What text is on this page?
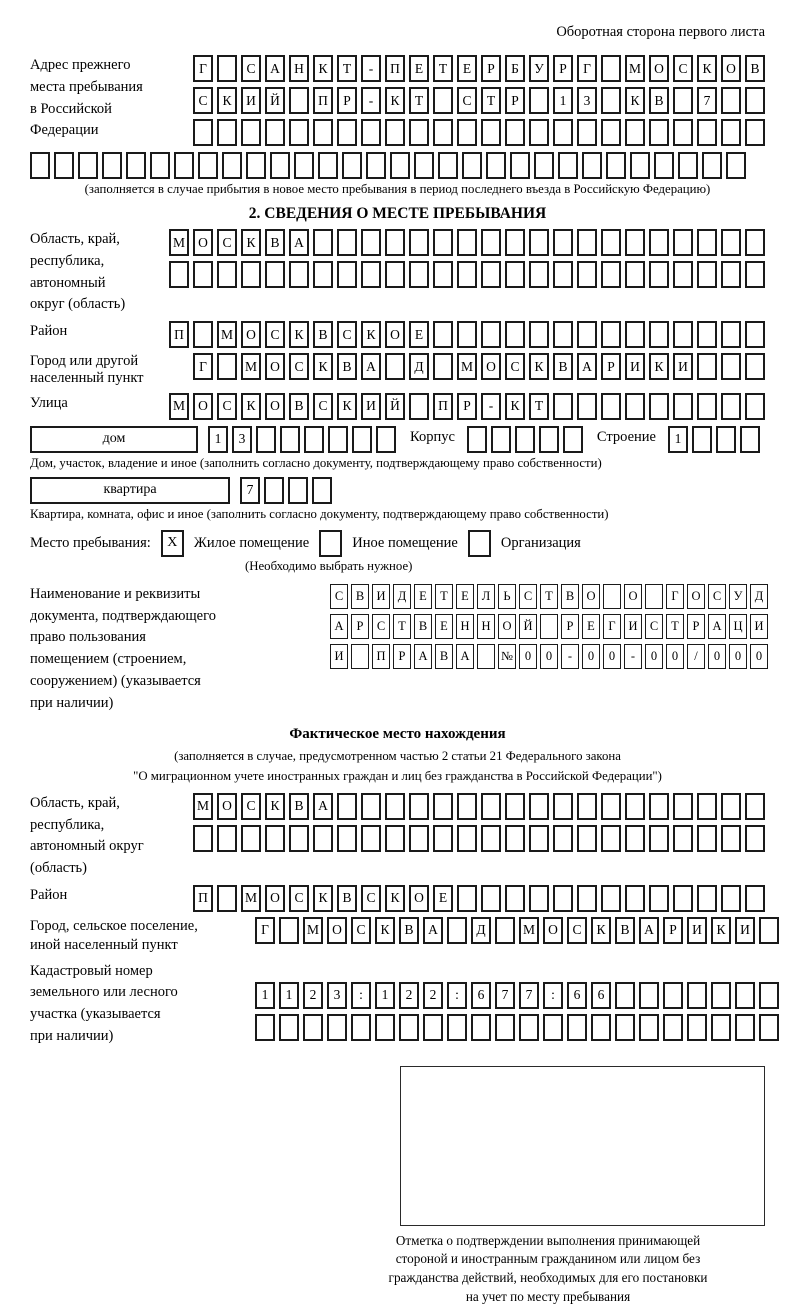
Оборотная сторона первого листа
Адрес прежнего
места пребывания
в Российской
Федерации
Г	С	А	Н	К	Т	-	П	Е	Т	Е	Р	Б	У	Р	Г	М О	С	К	О	В
С	К	И	Й	П	Р	-	К	Т	С	Т	Р	1	3	К	В	7
(заполняется в случае прибытия в новое место пребывания в период последнего въезда в Российскую Федерацию)
2. СВЕДЕНИЯ О МЕСТЕ ПРЕБЫВАНИЯ
Область, край,
республика,
автономный
округ (область)
М О	С	К	В	А
Район	П	М О	С	К	В	С	К	О	Е
Город или другой
населенный пункт
Г	М О	С	К	В	А	Д	М О	С	К	В	А	Р	И	К	И
Улица	М О	С	К	О	В	С	К	И	Й	П	Р	-	К	Т
дом	1	3	Корпус	Строение	1
Дом, участок, владение и иное (заполнить согласно документу, подтверждающему право собственности)
квартира	7
Квартира, комната, офис и иное (заполнить согласно документу, подтверждающему право собственности)
Место пребывания:	X	Жилое помещение	Иное помещение	Организация
(Необходимо выбрать нужное)
Наименование и реквизиты
документа, подтверждающего
право пользования
помещением (строением,
сооружением) (указывается
при наличии)
С	В И Д	Е	Т	Е	Л	Ь	С	Т	В О	О	Г	О С У Д
А	Р	С	Т	В	Е	Н Н О Й	Р	Е	Г	И С	Т	Р	А Ц И
И	П	Р	А В А	№ 0	0	-	0	0	-	0	0	/	0	0	0
Фактическое место нахождения
(заполняется в случае, предусмотренном частью 2 статьи 21 Федерального закона
"О миграционном учете иностранных граждан и лиц без гражданства в Российской Федерации")
Область, край,
республика,
автономный округ
(область)
М О	С	К	В	А
Район	П	М О	С	К	В	С	К	О	Е
Город, сельское поселение,
иной населенный пункт
Г	М О	С	К	В	А	Д	М О	С	К	В	А	Р	И	К	И
Кадастровый номер
земельного или лесного
участка (указывается
при наличии)
1	1	2	3	:	1	2	2	:	6	7	7	:	6	6
Отметка о подтверждении выполнения принимающей
стороной и иностранным гражданином или лицом без
гражданства действий, необходимых для его постановки
на учет по месту пребывания
